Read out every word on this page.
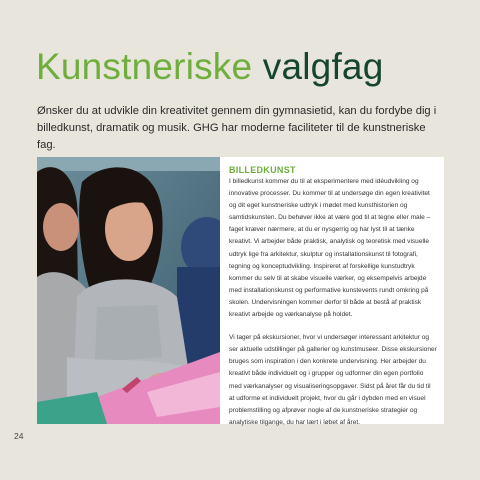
Kunstneriske valgfag
Ønsker du at udvikle din kreativitet gennem din gymnasietid, kan du fordybe dig i billedkunst, dramatik og musik. GHG har moderne faciliteter til de kunstneriske fag.
BILLEDKUNST

I billedkunst kommer du til at eksperimentere med idéudvikling og innovative processer. Du kommer til at undersøge din egen kreativitet og dit eget kunstneriske udtryk i mødet med kunsthistorien og samtidskunsten. Du behøver ikke at være god til at tegne eller male – faget kræver nærmere, at du er nysgerrig og har lyst til at tænke kreativt. Vi arbejder både praktisk, analytisk og teoretisk med visuelle udtryk lige fra arkitektur, skulptur og installationskunst til fotografi, tegning og konceptudvikling. Inspireret af forskellige kunstudtryk kommer du selv til at skabe visuelle værker, og eksempelvis arbejde med installationskunst og performative kunstevents rundt omkring på skolen. Undervisningen kommer derfor til både at bestå af praktisk kreativt arbejde og værkanalyse på holdet.

Vi tager på ekskursioner, hvor vi undersøger interessant arkitektur og ser aktuelle udstillinger på gallerier og kunstmuseer. Disse ekskursioner bruges som inspiration i den konkrete undervisning. Her arbejder du kreativt både individuelt og i grupper og udformer din egen portfolio med værkanalyser og visualiseringsopgaver. Sidst på året får du tid til at udforme et individuelt projekt, hvor du går i dybden med en visuel problemstilling og afprøver nogle af de kunstneriske strategier og analytiske tilgange, du har lært i løbet af året.

24
